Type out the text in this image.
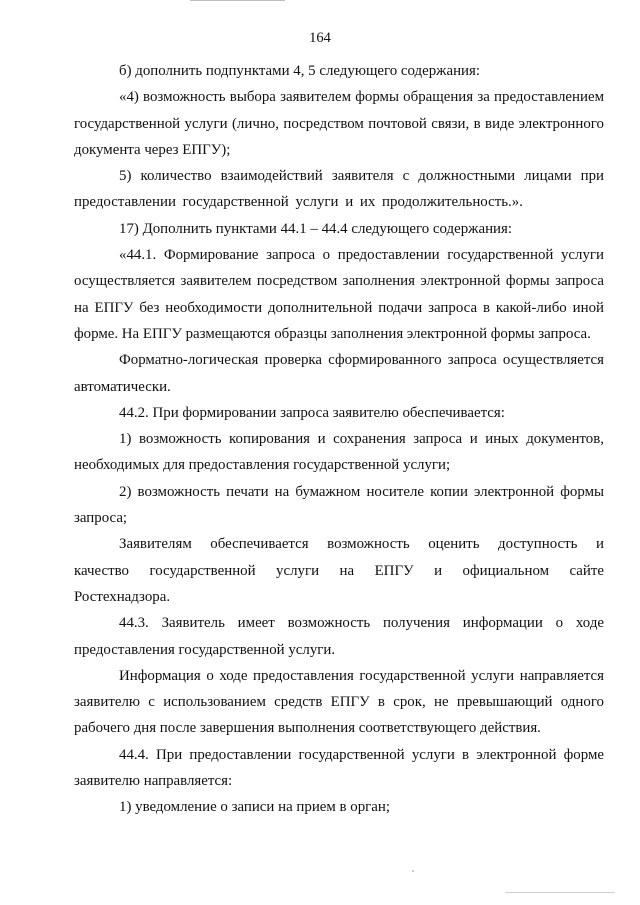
164

б) дополнить подпунктами 4, 5 следующего содержания:

«4) возможность выбора заявителем формы обращения за предоставлением государственной услуги (лично, посредством почтовой связи, в виде электронного документа через ЕПГУ);

5) количество взаимодействий заявителя с должностными лицами при предоставлении государственной услуги и их продолжительность.».

17) Дополнить пунктами 44.1 – 44.4 следующего содержания:

«44.1. Формирование запроса о предоставлении государственной услуги осуществляется заявителем посредством заполнения электронной формы запроса на ЕПГУ без необходимости дополнительной подачи запроса в какой-либо иной форме. На ЕПГУ размещаются образцы заполнения электронной формы запроса.

Форматно-логическая проверка сформированного запроса осуществляется автоматически.

44.2. При формировании запроса заявителю обеспечивается:

1) возможность копирования и сохранения запроса и иных документов, необходимых для предоставления государственной услуги;

2) возможность печати на бумажном носителе копии электронной формы запроса;

Заявителям обеспечивается возможность оценить доступность и качество государственной услуги на ЕПГУ и официальном сайте Ростехнадзора.

44.3. Заявитель имеет возможность получения информации о ходе предоставления государственной услуги.

Информация о ходе предоставления государственной услуги направляется заявителю с использованием средств ЕПГУ в срок, не превышающий одного рабочего дня после завершения выполнения соответствующего действия.

44.4. При предоставлении государственной услуги в электронной форме заявителю направляется:

1) уведомление о записи на прием в орган;
